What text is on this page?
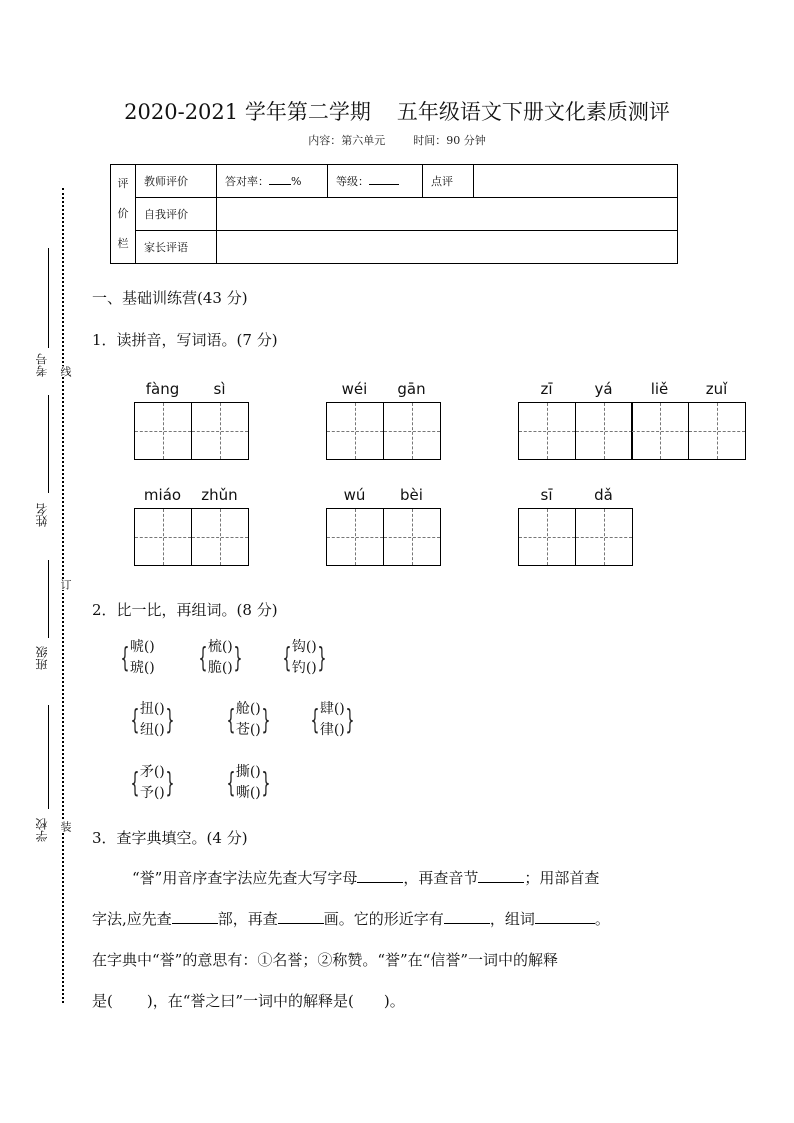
2020-2021 学年第二学期 五年级语文下册文化素质测评
内容：第六单元	时间：90 分钟
评
价
栏	教师评价	答对率： %	等级：	点评	
	自我评价				
	家长评语				
线
订
装
考号
姓名
班级
学校
一、基础训练营(43 分)
1．读拼音，写词语。(7 分)
fàng	sì	wéi	gān	zī	yá	liě	zuǐ
miáo	zhǔn	wú	bèi	sī	dǎ
2．比一比，再组词。(8 分)
{ 唬()
琥() { 梳()
脆() } { 钩()
钓() }
{ 扭()
纽() } { 舱()
苍() } { 肆()
律() }
{ 矛()
予() } { 撕()
嘶() }
3．查字典填空。(4 分)
“誉”用音序查字法应先查大写字母	，再查音节	；用部首查
字法,应先查	部，再查	画。它的形近字有	，组词	。
在字典中“誉”的意思有：①名誉；②称赞。“誉”在“信誉”一词中的解释
是( )，在“誉之曰”一词中的解释是( )。
